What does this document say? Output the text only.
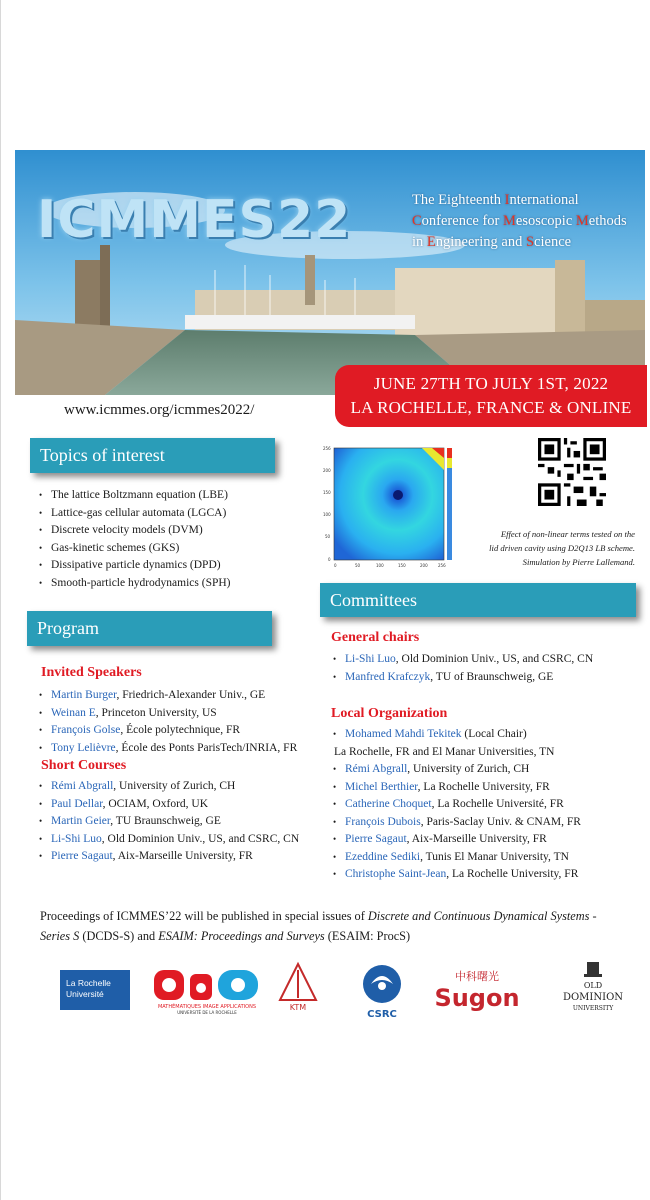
ICMMES22	The Eighteenth International
Conference for Mesoscopic Methods
in Engineering and Science
JUNE 27TH TO JULY 1ST, 2022
LA ROCHELLE, FRANCE & ONLINE
www.icmmes.org/icmmes2022/
Topics of interest
• The lattice Boltzmann equation (LBE)
• Lattice-gas cellular automata (LGCA)
• Discrete velocity models (DVM)
• Gas-kinetic schemes (GKS)
• Dissipative particle dynamics (DPD)
• Smooth-particle hydrodynamics (SPH)
256
200
150
100
50
0
0	50	100	150	200	256
Effect of non-linear terms tested on the
lid driven cavity using D2Q13 LB scheme.
Simulation by Pierre Lallemand.
Committees
General chairs
• Li-Shi Luo, Old Dominion Univ., US, and CSRC, CN
• Manfred Krafczyk, TU of Braunschweig, GE
Local Organization
• Mohamed Mahdi Tekitek (Local Chair)
La Rochelle, FR and El Manar Universities, TN
• Rémi Abgrall, University of Zurich, CH
• Michel Berthier, La Rochelle University, FR
• Catherine Choquet, La Rochelle Université, FR
• François Dubois, Paris-Saclay Univ. & CNAM, FR
• Pierre Sagaut, Aix-Marseille University, FR
• Ezeddine Sediki, Tunis El Manar University, TN
• Christophe Saint-Jean, La Rochelle University, FR
Program
Invited Speakers
• Martin Burger, Friedrich-Alexander Univ., GE
• Weinan E, Princeton University, US
• François Golse, École polytechnique, FR
• Tony Lelièvre, École des Ponts ParisTech/INRIA, FR
Short Courses
• Rémi Abgrall, University of Zurich, CH
• Paul Dellar, OCIAM, Oxford, UK
• Martin Geier, TU Braunschweig, GE
• Li-Shi Luo, Old Dominion Univ., US, and CSRC, CN
• Pierre Sagaut, Aix-Marseille University, FR
Proceedings of ICMMES’22 will be published in special issues of Discrete and Continuous Dynamical Systems - Series S (DCDS-S) and ESAIM: Proceedings and Surveys (ESAIM: ProcS)
La Rochelle
Université
MATHÉMATIQUES IMAGE APPLICATIONS
UNIVERSITÉ DE LA ROCHELLE
KTM
CSRC
中科曙光
Sugon	OLD
DOMINION
UNIVERSITY
